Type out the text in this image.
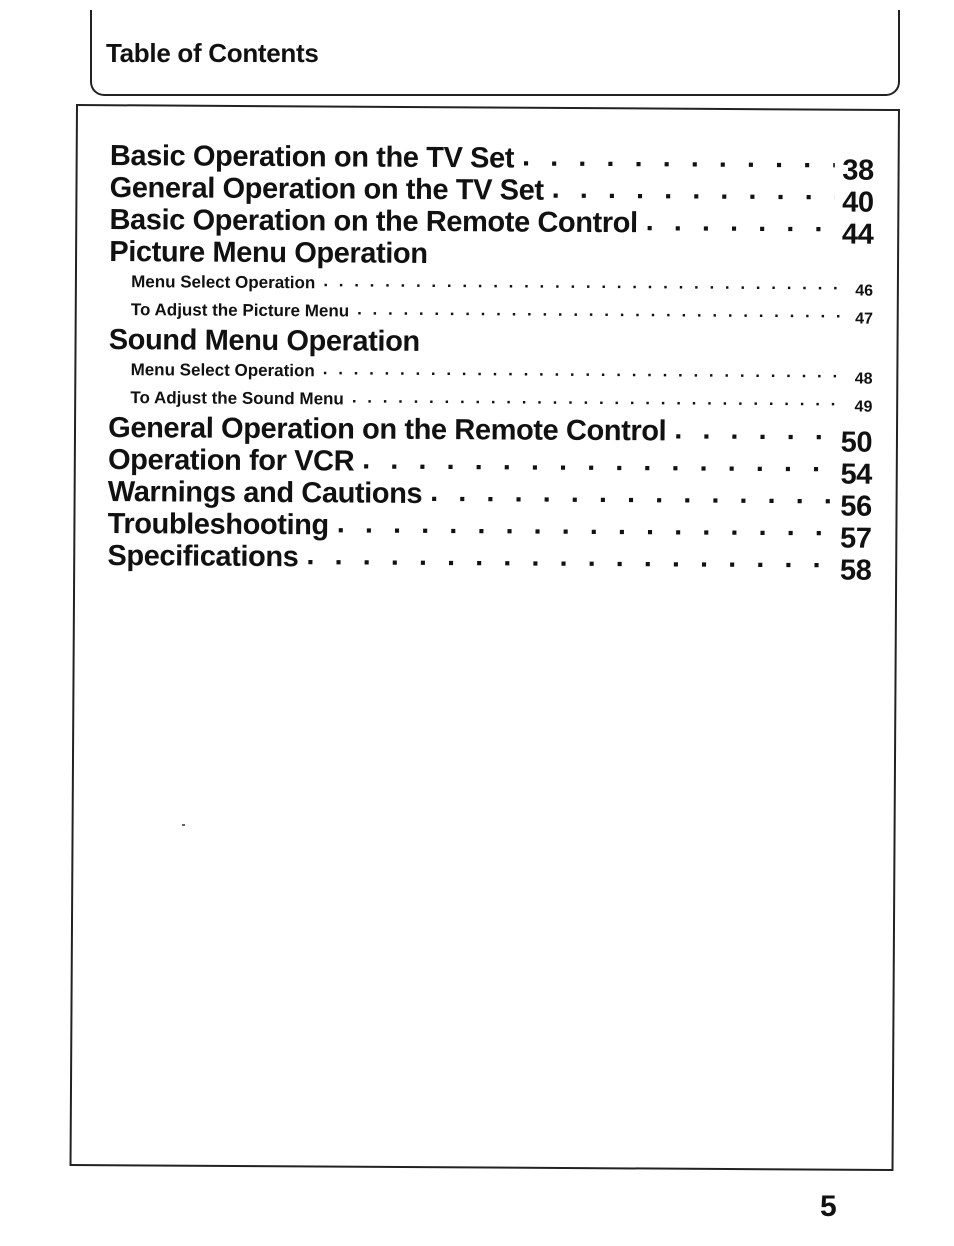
Table of Contents
Basic Operation on the TV Set . . .	38
General Operation on the TV Set . . .	40
Basic Operation on the Remote Control . . .	44
Picture Menu Operation
Menu Select Operation . . .	46
To Adjust the Picture Menu . . .	47
Sound Menu Operation
Menu Select Operation . . .	48
To Adjust the Sound Menu . . .	49
General Operation on the Remote Control . . .	50
Operation for VCR . . .	54
Warnings and Cautions . . .	56
Troubleshooting . . .	57
Specifications . . .	58
5
